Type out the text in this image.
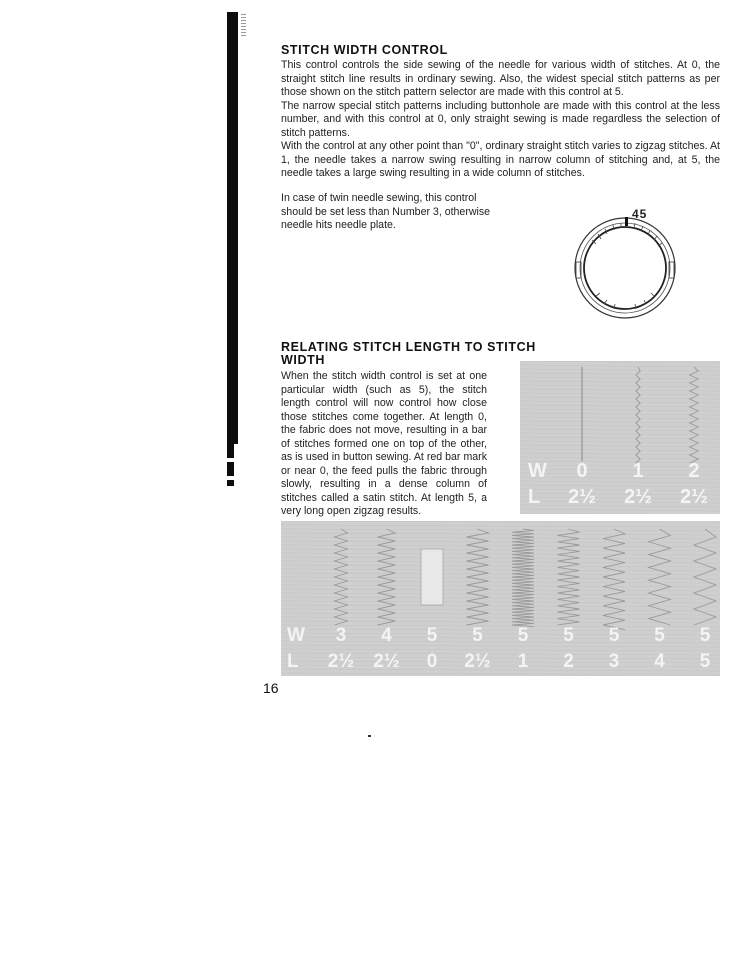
STITCH WIDTH CONTROL

This control controls the side sewing of the needle for various width of stitches. At 0, the straight stitch line results in ordinary sewing. Also, the widest special stitch patterns as per those shown on the stitch pattern selector are made with this control at 5.

The narrow special stitch patterns including buttonhole are made with this control at the less number, and with this control at 0, only straight sewing is made regardless the selection of stitch patterns.

With the control at any other point than "0", ordinary straight stitch varies to zigzag stitches. At 1, the needle takes a narrow swing resulting in narrow column of stitching and, at 5, the needle takes a large swing resulting in a wide column of stitches.

In case of twin needle sewing, this control should be set less than Number 3, otherwise needle hits needle plate.

45
RELATING STITCH LENGTH TO STITCH WIDTH

When the stitch width control is set at one particular width (such as 5), the stitch length control will now control how close those stitches come together. At length 0, the fabric does not move, resulting in a bar of stitches formed one on top of the other, as is used in button sewing. At red bar mark or near 0, the feed pulls the fabric through slowly, resulting in a dense column of stitches called a satin stitch. At length 5, a very long open zigzag results.

W
L
0
2½
1
2½
2
2½
W
L
3
2½
4
2½
5
0
5
2½
5
1
5
2
5
3
5
4
5
5
16
